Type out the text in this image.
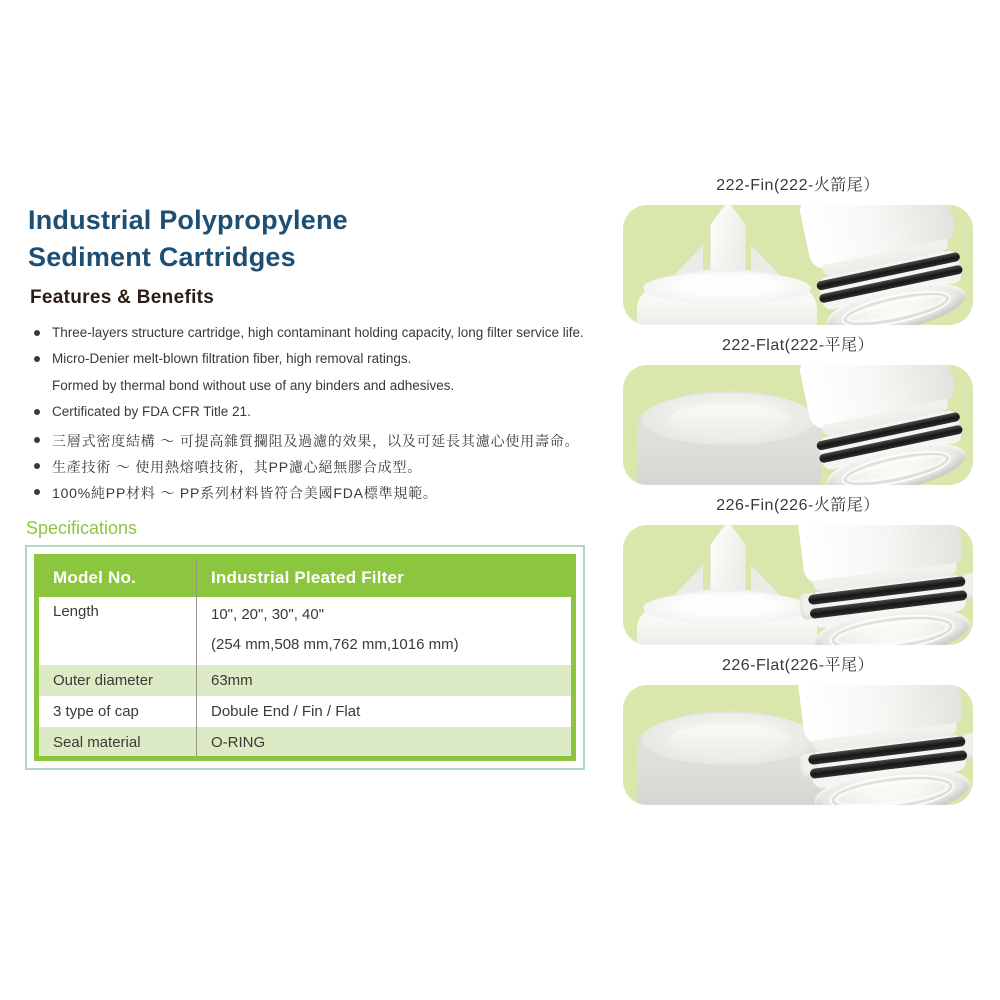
Industrial Polypropylene
Sediment Cartridges
Features & Benefits
Three-layers structure cartridge, high contaminant holding capacity, long filter service life.
Micro-Denier melt-blown filtration fiber, high removal ratings.
Formed by thermal bond without use of any binders and adhesives.
Certificated by FDA CFR Title 21.
三層式密度結構 ～ 可提高雜質攔阻及過濾的效果，以及可延長其濾心使用壽命。
生產技術 ～ 使用熱熔噴技術，其PP濾心絕無膠合成型。
100%純PP材料 ～ PP系列材料皆符合美國FDA標準規範。
Specifications
Model No.	Industrial Pleated Filter
Length	10", 20", 30", 40"
(254 mm,508 mm,762 mm,1016 mm)

Outer diameter	63mm
3 type of cap	Dobule End / Fin / Flat
Seal material	O-RING
222-Fin(222-火箭尾）
222-Flat(222-平尾）
226-Fin(226-火箭尾）
226-Flat(226-平尾）
